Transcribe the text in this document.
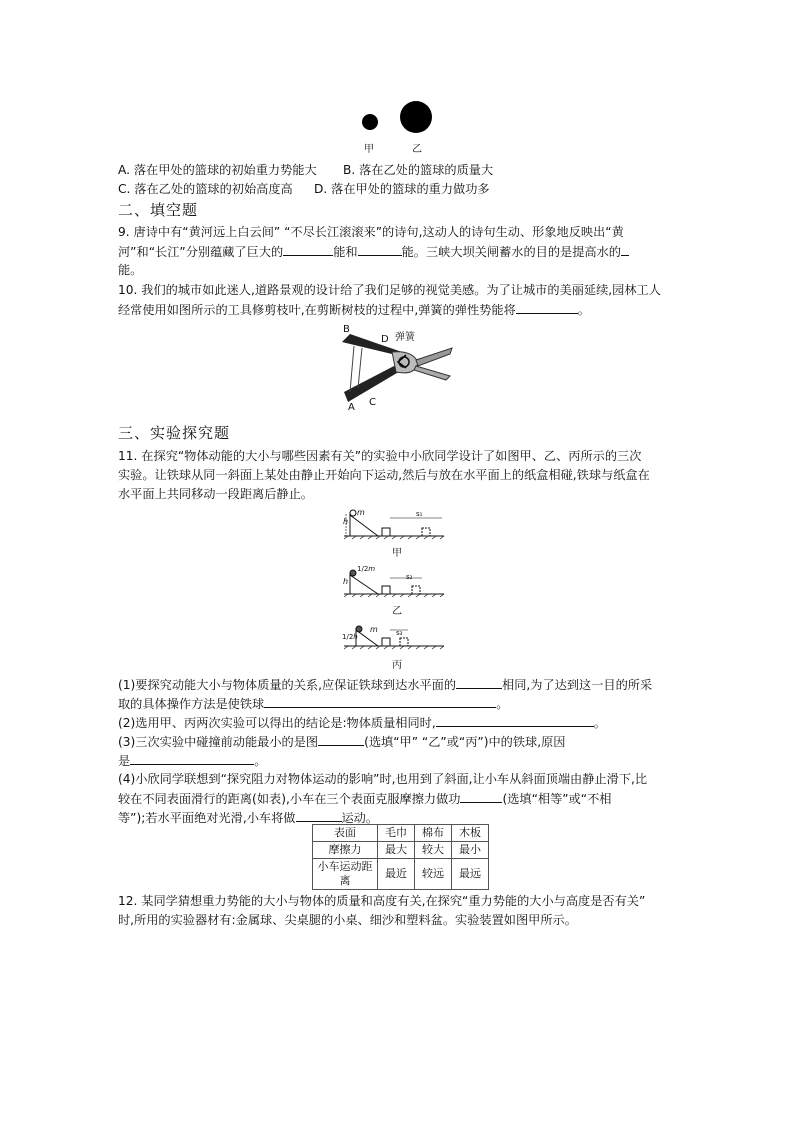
甲	乙
A. 落在甲处的篮球的初始重力势能大 B. 落在乙处的篮球的质量大
C. 落在乙处的篮球的初始高度高 D. 落在甲处的篮球的重力做功多
二、填空题
9. 唐诗中有“黄河远上白云间” “不尽长江滚滚来”的诗句,这动人的诗句生动、形象地反映出“黄
河”和“长江”分别蕴藏了巨大的	能和	能。三峡大坝关闸蓄水的目的是提高水的
能。
10. 我们的城市如此迷人,道路景观的设计给了我们足够的视觉美感。为了让城市的美丽延续,园林工人
经常使用如图所示的工具修剪枝叶,在剪断树枝的过程中,弹簧的弹性势能将	。
B
D 弹簧
A C
三、实验探究题
11. 在探究“物体动能的大小与哪些因素有关”的实验中小欣同学设计了如图甲、乙、丙所示的三次
实验。让铁球从同一斜面上某处由静止开始向下运动,然后与放在水平面上的纸盒相碰,铁球与纸盒在
水平面上共同移动一段距离后静止。
m
h
s₁
甲
1/2m
h	s₂
乙
m
1/2h	s₃
丙
(1)要探究动能大小与物体质量的关系,应保证铁球到达水平面的	相同,为了达到这一目的所采
取的具体操作方法是使铁球	。
(2)选用甲、丙两次实验可以得出的结论是:物体质量相同时,	。
(3)三次实验中碰撞前动能最小的是图	(选填“甲” “乙”或“丙”)中的铁球,原因
是	。
(4)小欣同学联想到“探究阻力对物体运动的影响”时,也用到了斜面,让小车从斜面顶端由静止滑下,比
较在不同表面滑行的距离(如表),小车在三个表面克服摩擦力做功	(选填“相等”或“不相
等”);若水平面绝对光滑,小车将做	运动。
表面	毛巾	棉布	木板
摩擦力	最大	较大	最小
小车运动距
离	最近	较远	最远
12. 某同学猜想重力势能的大小与物体的质量和高度有关,在探究“重力势能的大小与高度是否有关”
时,所用的实验器材有:金属球、尖桌腿的小桌、细沙和塑料盆。实验装置如图甲所示。
